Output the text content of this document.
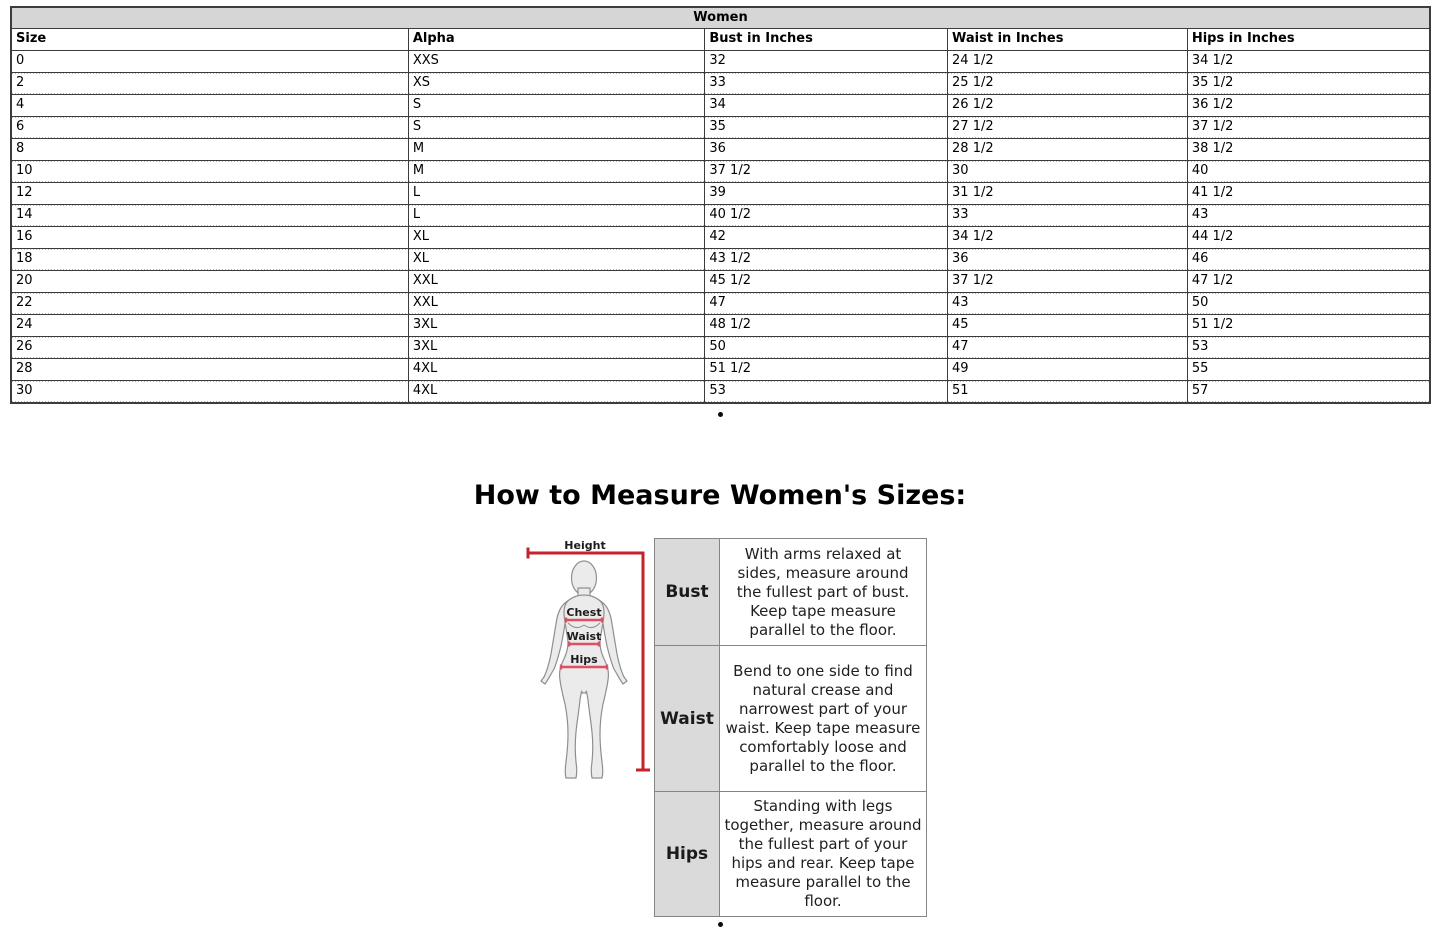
Women				
Size	Alpha	Bust in Inches	Waist in Inches	Hips in Inches
0	XXS	32	24 1/2	34 1/2
2	XS	33	25 1/2	35 1/2
4	S	34	26 1/2	36 1/2
6	S	35	27 1/2	37 1/2
8	M	36	28 1/2	38 1/2
10	M	37 1/2	30	40
12	L	39	31 1/2	41 1/2
14	L	40 1/2	33	43
16	XL	42	34 1/2	44 1/2
18	XL	43 1/2	36	46
20	XXL	45 1/2	37 1/2	47 1/2
22	XXL	47	43	50
24	3XL	48 1/2	45	51 1/2
26	3XL	50	47	53
28	4XL	51 1/2	49	55
30	4XL	53	51	57
How to Measure Women's Sizes:
Height
Chest
Waist
Hips
Bust	With arms relaxed at sides, measure around the fullest part of bust. Keep tape measure parallel to the floor.
Waist	Bend to one side to find natural crease and narrowest part of your waist. Keep tape measure comfortably loose and parallel to the floor.
Hips	Standing with legs together, measure around the fullest part of your hips and rear. Keep tape measure parallel to the floor.
